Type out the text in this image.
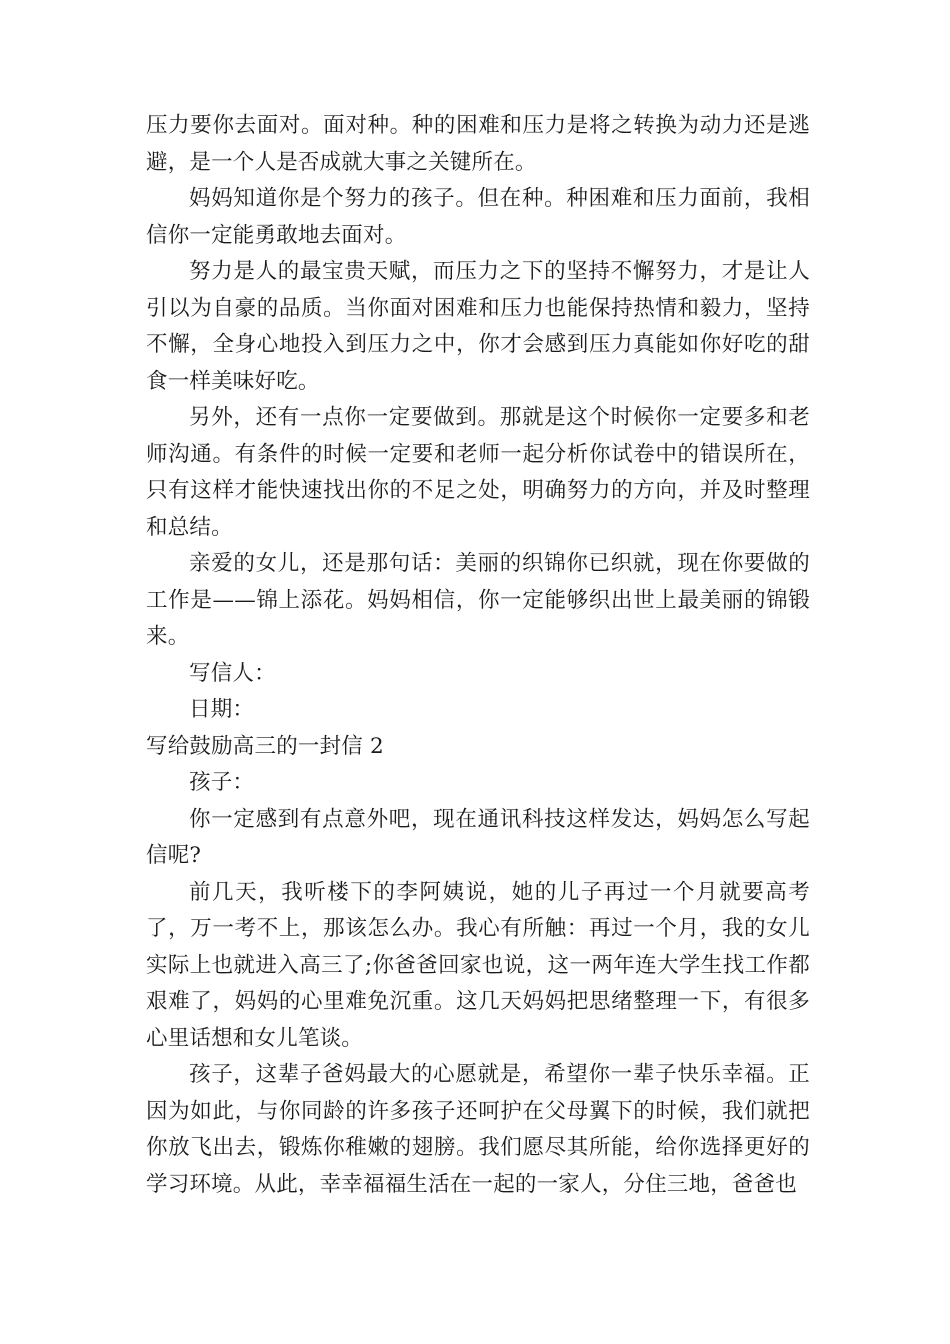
压力要你去面对。面对种。种的困难和压力是将之转换为动力还是逃避，是一个人是否成就大事之关键所在。

妈妈知道你是个努力的孩子。但在种。种困难和压力面前，我相信你一定能勇敢地去面对。

努力是人的最宝贵天赋，而压力之下的坚持不懈努力，才是让人引以为自豪的品质。当你面对困难和压力也能保持热情和毅力，坚持不懈，全身心地投入到压力之中，你才会感到压力真能如你好吃的甜食一样美味好吃。

另外，还有一点你一定要做到。那就是这个时候你一定要多和老师沟通。有条件的时候一定要和老师一起分析你试卷中的错误所在，只有这样才能快速找出你的不足之处，明确努力的方向，并及时整理和总结。

亲爱的女儿，还是那句话：美丽的织锦你已织就，现在你要做的工作是——锦上添花。妈妈相信，你一定能够织出世上最美丽的锦锻来。

写信人：

日期：

写给鼓励高三的一封信 2

孩子：

你一定感到有点意外吧，现在通讯科技这样发达，妈妈怎么写起信呢?

前几天，我听楼下的李阿姨说，她的儿子再过一个月就要高考了，万一考不上，那该怎么办。我心有所触：再过一个月，我的女儿实际上也就进入高三了;你爸爸回家也说，这一两年连大学生找工作都艰难了，妈妈的心里难免沉重。这几天妈妈把思绪整理一下，有很多心里话想和女儿笔谈。

孩子，这辈子爸妈最大的心愿就是，希望你一辈子快乐幸福。正因为如此，与你同龄的许多孩子还呵护在父母翼下的时候，我们就把你放飞出去，锻炼你稚嫩的翅膀。我们愿尽其所能，给你选择更好的学习环境。从此，幸幸福福生活在一起的一家人，分住三地，爸爸也
